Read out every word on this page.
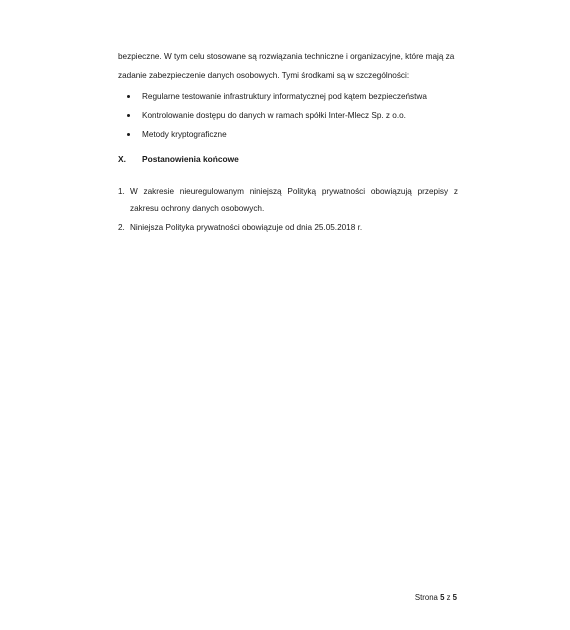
bezpieczne. W tym celu stosowane są rozwiązania techniczne i organizacyjne, które mają za

zadanie zabezpieczenie danych osobowych. Tymi środkami są w szczególności:

Regularne testowanie infrastruktury informatycznej pod kątem bezpieczeństwa
Kontrolowanie dostępu do danych w ramach spółki Inter-Mlecz Sp. z o.o.
Metody kryptograficzne
X. Postanowienia końcowe
1. W zakresie nieuregulowanym niniejszą Polityką prywatności obowiązują przepisy z zakresu ochrony danych osobowych.
2. Niniejsza Polityka prywatności obowiązuje od dnia 25.05.2018 r.
Strona 5 z 5
